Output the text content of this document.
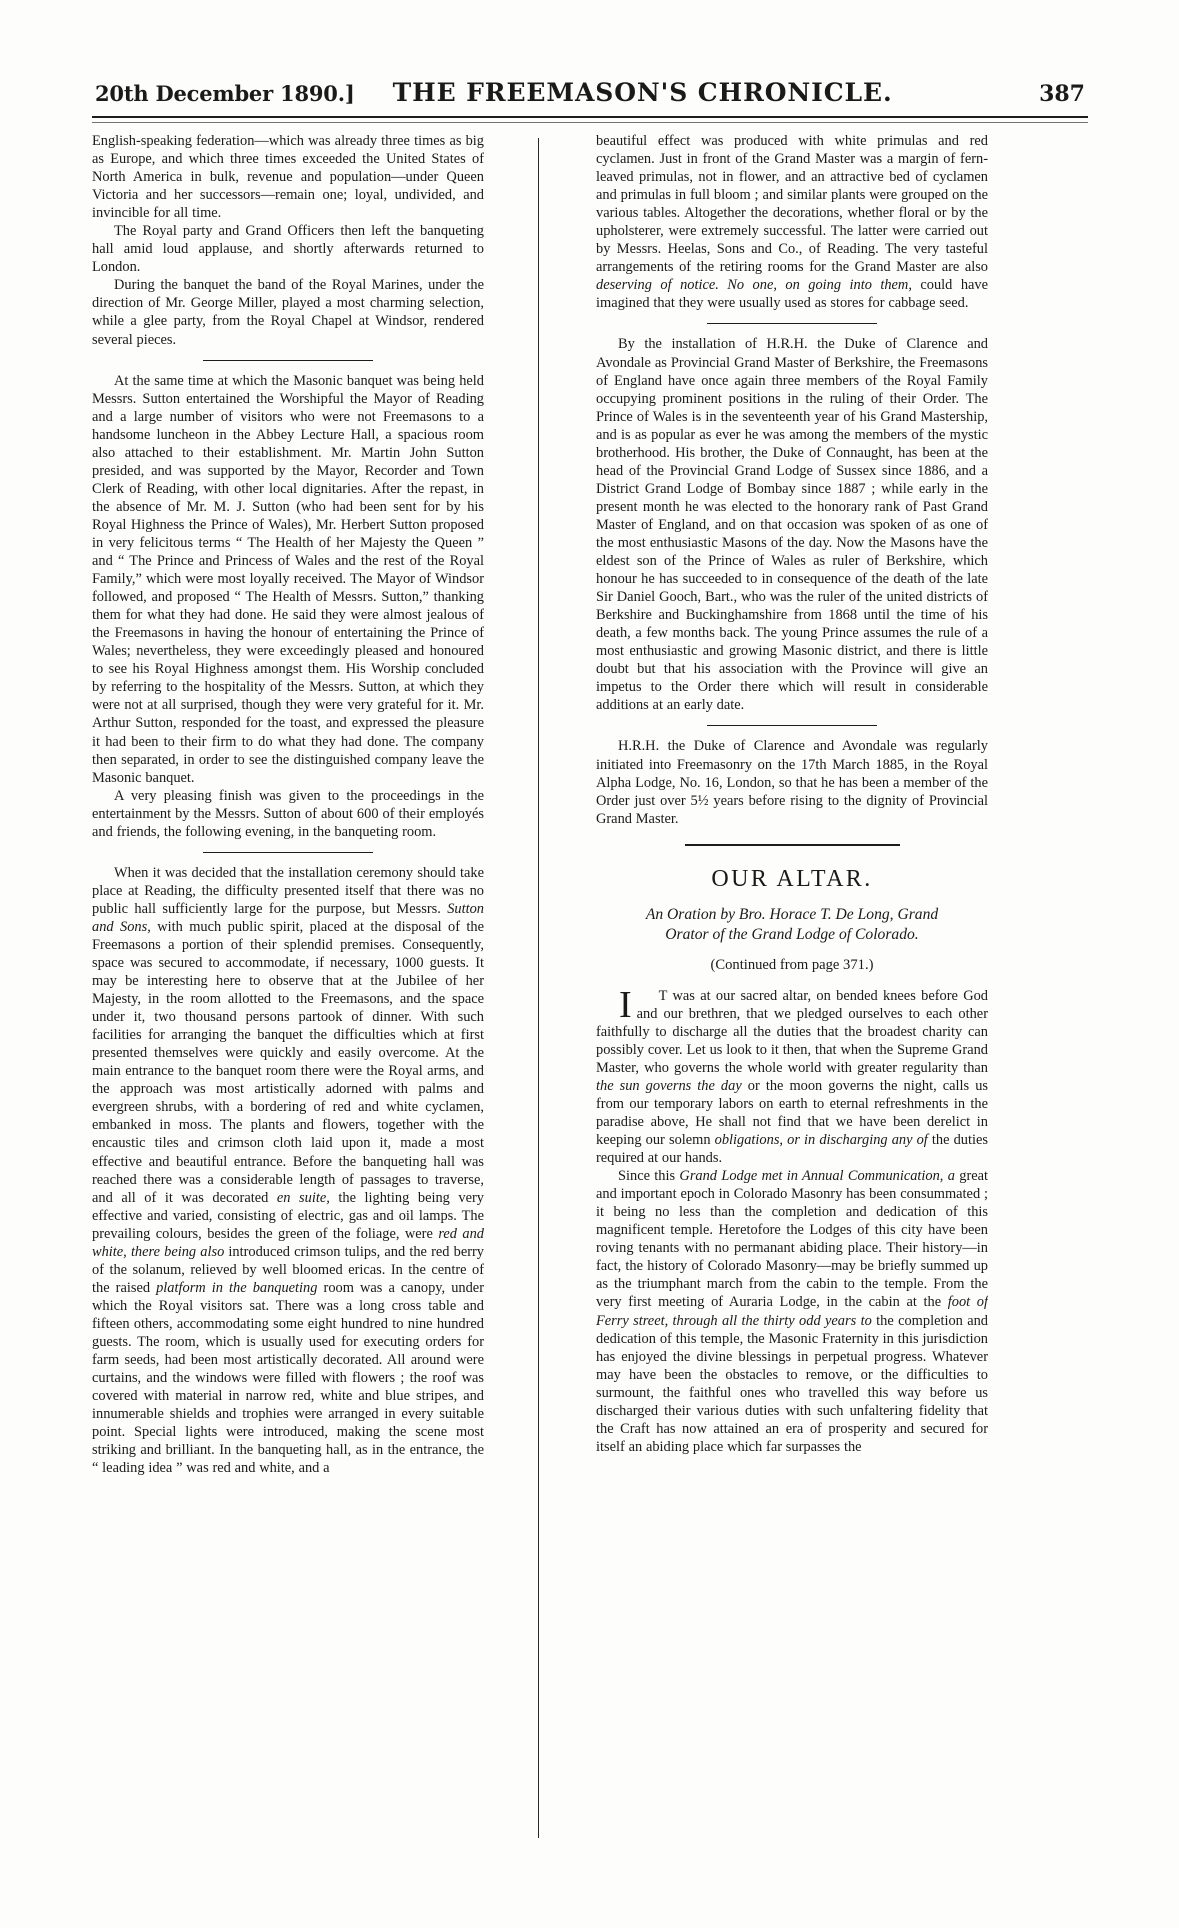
20th December 1890.] THE FREEMASON'S CHRONICLE.	387

English-speaking federation—which was already three times as big as Europe, and which three times exceeded the United States of North America in bulk, revenue and population—under Queen Victoria and her successors—remain one; loyal, undivided, and invincible for all time.

The Royal party and Grand Officers then left the banqueting hall amid loud applause, and shortly afterwards returned to London.

During the banquet the band of the Royal Marines, under the direction of Mr. George Miller, played a most charming selection, while a glee party, from the Royal Chapel at Windsor, rendered several pieces.

At the same time at which the Masonic banquet was being held Messrs. Sutton entertained the Worshipful the Mayor of Reading and a large number of visitors who were not Freemasons to a handsome luncheon in the Abbey Lecture Hall, a spacious room also attached to their establishment. Mr. Martin John Sutton presided, and was supported by the Mayor, Recorder and Town Clerk of Reading, with other local dignitaries. After the repast, in the absence of Mr. M. J. Sutton (who had been sent for by his Royal Highness the Prince of Wales), Mr. Herbert Sutton proposed in very felicitous terms “ The Health of her Majesty the Queen ” and “ The Prince and Princess of Wales and the rest of the Royal Family,” which were most loyally received. The Mayor of Windsor followed, and proposed “ The Health of Messrs. Sutton,” thanking them for what they had done. He said they were almost jealous of the Freemasons in having the honour of entertaining the Prince of Wales; nevertheless, they were exceedingly pleased and honoured to see his Royal Highness amongst them. His Worship concluded by referring to the hospitality of the Messrs. Sutton, at which they were not at all surprised, though they were very grateful for it. Mr. Arthur Sutton, responded for the toast, and expressed the pleasure it had been to their firm to do what they had done. The company then separated, in order to see the distinguished company leave the Masonic banquet.

A very pleasing finish was given to the proceedings in the entertainment by the Messrs. Sutton of about 600 of their employés and friends, the following evening, in the banqueting room.

When it was decided that the installation ceremony should take place at Reading, the difficulty presented itself that there was no public hall sufficiently large for the purpose, but Messrs. Sutton and Sons, with much public spirit, placed at the disposal of the Freemasons a portion of their splendid premises. Consequently, space was secured to accommodate, if necessary, 1000 guests. It may be interesting here to observe that at the Jubilee of her Majesty, in the room allotted to the Freemasons, and the space under it, two thousand persons partook of dinner. With such facilities for arranging the banquet the difficulties which at first presented themselves were quickly and easily overcome. At the main entrance to the banquet room there were the Royal arms, and the approach was most artistically adorned with palms and evergreen shrubs, with a bordering of red and white cyclamen, embanked in moss. The plants and flowers, together with the encaustic tiles and crimson cloth laid upon it, made a most effective and beautiful entrance. Before the banqueting hall was reached there was a considerable length of passages to traverse, and all of it was decorated en suite, the lighting being very effective and varied, consisting of electric, gas and oil lamps. The prevailing colours, besides the green of the foliage, were red and white, there being also introduced crimson tulips, and the red berry of the solanum, relieved by well bloomed ericas. In the centre of the raised platform in the banqueting room was a canopy, under which the Royal visitors sat. There was a long cross table and fifteen others, accommodating some eight hundred to nine hundred guests. The room, which is usually used for executing orders for farm seeds, had been most artistically decorated. All around were curtains, and the windows were filled with flowers ; the roof was covered with material in narrow red, white and blue stripes, and innumerable shields and trophies were arranged in every suitable point. Special lights were introduced, making the scene most striking and brilliant. In the banqueting hall, as in the entrance, the “ leading idea ” was red and white, and a

beautiful effect was produced with white primulas and red cyclamen. Just in front of the Grand Master was a margin of fern-leaved primulas, not in flower, and an attractive bed of cyclamen and primulas in full bloom ; and similar plants were grouped on the various tables. Altogether the decorations, whether floral or by the upholsterer, were extremely successful. The latter were carried out by Messrs. Heelas, Sons and Co., of Reading. The very tasteful arrangements of the retiring rooms for the Grand Master are also deserving of notice. No one, on going into them, could have imagined that they were usually used as stores for cabbage seed.

By the installation of H.R.H. the Duke of Clarence and Avondale as Provincial Grand Master of Berkshire, the Freemasons of England have once again three members of the Royal Family occupying prominent positions in the ruling of their Order. The Prince of Wales is in the seventeenth year of his Grand Mastership, and is as popular as ever he was among the members of the mystic brotherhood. His brother, the Duke of Connaught, has been at the head of the Provincial Grand Lodge of Sussex since 1886, and a District Grand Lodge of Bombay since 1887 ; while early in the present month he was elected to the honorary rank of Past Grand Master of England, and on that occasion was spoken of as one of the most enthusiastic Masons of the day. Now the Masons have the eldest son of the Prince of Wales as ruler of Berkshire, which honour he has succeeded to in consequence of the death of the late Sir Daniel Gooch, Bart., who was the ruler of the united districts of Berkshire and Buckinghamshire from 1868 until the time of his death, a few months back. The young Prince assumes the rule of a most enthusiastic and growing Masonic district, and there is little doubt but that his association with the Province will give an impetus to the Order there which will result in considerable additions at an early date.

H.R.H. the Duke of Clarence and Avondale was regularly initiated into Freemasonry on the 17th March 1885, in the Royal Alpha Lodge, No. 16, London, so that he has been a member of the Order just over 5½ years before rising to the dignity of Provincial Grand Master.

OUR ALTAR.
An Oration by Bro. Horace T. De Long, Grand
Orator of the Grand Lodge of Colorado.
(Continued from page 371.)

I	T was at our sacred altar, on bended knees before God and our brethren, that we pledged ourselves to each other faithfully to discharge all the duties that the broadest charity can possibly cover. Let us look to it then, that when the Supreme Grand Master, who governs the whole world with greater regularity than the sun governs the day or the moon governs the night, calls us from our temporary labors on earth to eternal refreshments in the paradise above, He shall not find that we have been derelict in keeping our solemn obligations, or in discharging any of the duties required at our hands.

Since this Grand Lodge met in Annual Communication, a great and important epoch in Colorado Masonry has been consummated ; it being no less than the completion and dedication of this magnificent temple. Heretofore the Lodges of this city have been roving tenants with no permanant abiding place. Their history—in fact, the history of Colorado Masonry—may be briefly summed up as the triumphant march from the cabin to the temple. From the very first meeting of Auraria Lodge, in the cabin at the foot of Ferry street, through all the thirty odd years to the completion and dedication of this temple, the Masonic Fraternity in this jurisdiction has enjoyed the divine blessings in perpetual progress. Whatever may have been the obstacles to remove, or the difficulties to surmount, the faithful ones who travelled this way before us discharged their various duties with such unfaltering fidelity that the Craft has now attained an era of prosperity and secured for itself an abiding place which far surpasses the
